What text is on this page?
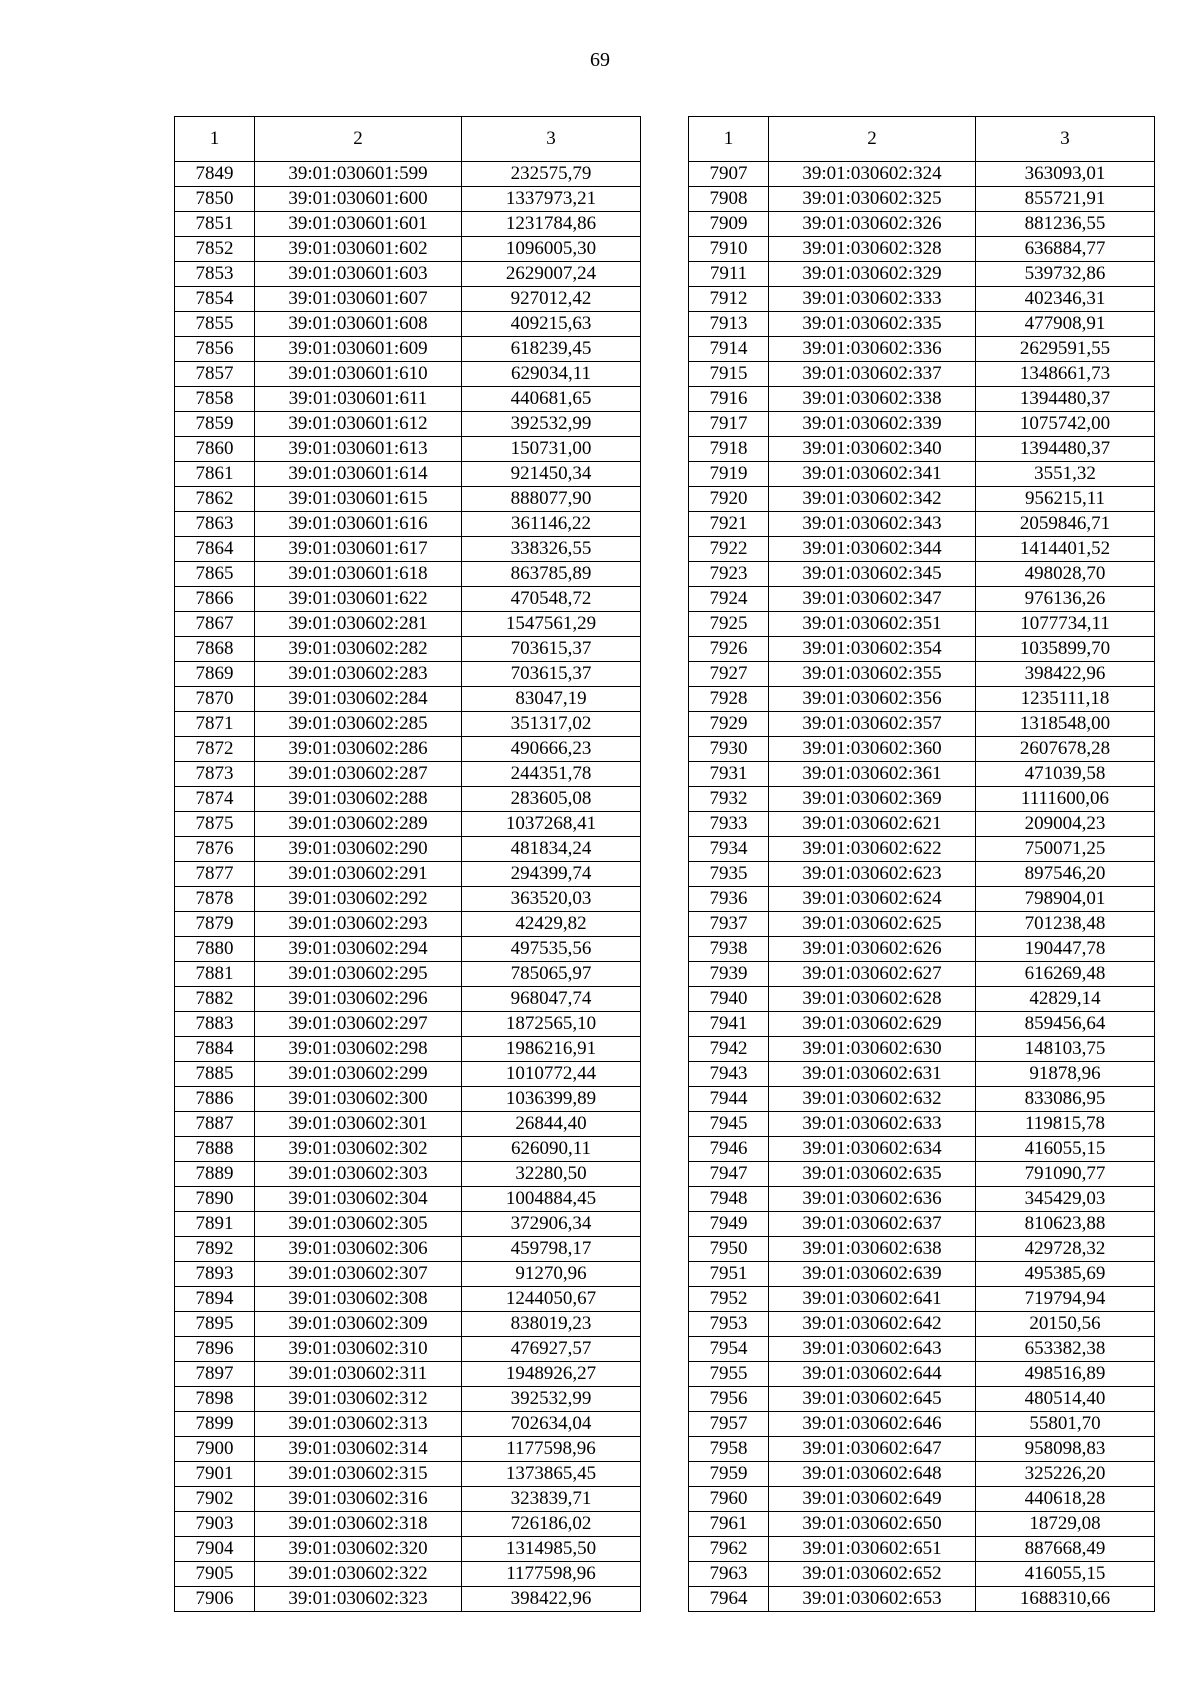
69
1	2	3
7849	39:01:030601:599	232575,79
7850	39:01:030601:600	1337973,21
7851	39:01:030601:601	1231784,86
7852	39:01:030601:602	1096005,30
7853	39:01:030601:603	2629007,24
7854	39:01:030601:607	927012,42
7855	39:01:030601:608	409215,63
7856	39:01:030601:609	618239,45
7857	39:01:030601:610	629034,11
7858	39:01:030601:611	440681,65
7859	39:01:030601:612	392532,99
7860	39:01:030601:613	150731,00
7861	39:01:030601:614	921450,34
7862	39:01:030601:615	888077,90
7863	39:01:030601:616	361146,22
7864	39:01:030601:617	338326,55
7865	39:01:030601:618	863785,89
7866	39:01:030601:622	470548,72
7867	39:01:030602:281	1547561,29
7868	39:01:030602:282	703615,37
7869	39:01:030602:283	703615,37
7870	39:01:030602:284	83047,19
7871	39:01:030602:285	351317,02
7872	39:01:030602:286	490666,23
7873	39:01:030602:287	244351,78
7874	39:01:030602:288	283605,08
7875	39:01:030602:289	1037268,41
7876	39:01:030602:290	481834,24
7877	39:01:030602:291	294399,74
7878	39:01:030602:292	363520,03
7879	39:01:030602:293	42429,82
7880	39:01:030602:294	497535,56
7881	39:01:030602:295	785065,97
7882	39:01:030602:296	968047,74
7883	39:01:030602:297	1872565,10
7884	39:01:030602:298	1986216,91
7885	39:01:030602:299	1010772,44
7886	39:01:030602:300	1036399,89
7887	39:01:030602:301	26844,40
7888	39:01:030602:302	626090,11
7889	39:01:030602:303	32280,50
7890	39:01:030602:304	1004884,45
7891	39:01:030602:305	372906,34
7892	39:01:030602:306	459798,17
7893	39:01:030602:307	91270,96
7894	39:01:030602:308	1244050,67
7895	39:01:030602:309	838019,23
7896	39:01:030602:310	476927,57
7897	39:01:030602:311	1948926,27
7898	39:01:030602:312	392532,99
7899	39:01:030602:313	702634,04
7900	39:01:030602:314	1177598,96
7901	39:01:030602:315	1373865,45
7902	39:01:030602:316	323839,71
7903	39:01:030602:318	726186,02
7904	39:01:030602:320	1314985,50
7905	39:01:030602:322	1177598,96
7906	39:01:030602:323	398422,96
1	2	3
7907	39:01:030602:324	363093,01
7908	39:01:030602:325	855721,91
7909	39:01:030602:326	881236,55
7910	39:01:030602:328	636884,77
7911	39:01:030602:329	539732,86
7912	39:01:030602:333	402346,31
7913	39:01:030602:335	477908,91
7914	39:01:030602:336	2629591,55
7915	39:01:030602:337	1348661,73
7916	39:01:030602:338	1394480,37
7917	39:01:030602:339	1075742,00
7918	39:01:030602:340	1394480,37
7919	39:01:030602:341	3551,32
7920	39:01:030602:342	956215,11
7921	39:01:030602:343	2059846,71
7922	39:01:030602:344	1414401,52
7923	39:01:030602:345	498028,70
7924	39:01:030602:347	976136,26
7925	39:01:030602:351	1077734,11
7926	39:01:030602:354	1035899,70
7927	39:01:030602:355	398422,96
7928	39:01:030602:356	1235111,18
7929	39:01:030602:357	1318548,00
7930	39:01:030602:360	2607678,28
7931	39:01:030602:361	471039,58
7932	39:01:030602:369	1111600,06
7933	39:01:030602:621	209004,23
7934	39:01:030602:622	750071,25
7935	39:01:030602:623	897546,20
7936	39:01:030602:624	798904,01
7937	39:01:030602:625	701238,48
7938	39:01:030602:626	190447,78
7939	39:01:030602:627	616269,48
7940	39:01:030602:628	42829,14
7941	39:01:030602:629	859456,64
7942	39:01:030602:630	148103,75
7943	39:01:030602:631	91878,96
7944	39:01:030602:632	833086,95
7945	39:01:030602:633	119815,78
7946	39:01:030602:634	416055,15
7947	39:01:030602:635	791090,77
7948	39:01:030602:636	345429,03
7949	39:01:030602:637	810623,88
7950	39:01:030602:638	429728,32
7951	39:01:030602:639	495385,69
7952	39:01:030602:641	719794,94
7953	39:01:030602:642	20150,56
7954	39:01:030602:643	653382,38
7955	39:01:030602:644	498516,89
7956	39:01:030602:645	480514,40
7957	39:01:030602:646	55801,70
7958	39:01:030602:647	958098,83
7959	39:01:030602:648	325226,20
7960	39:01:030602:649	440618,28
7961	39:01:030602:650	18729,08
7962	39:01:030602:651	887668,49
7963	39:01:030602:652	416055,15
7964	39:01:030602:653	1688310,66
